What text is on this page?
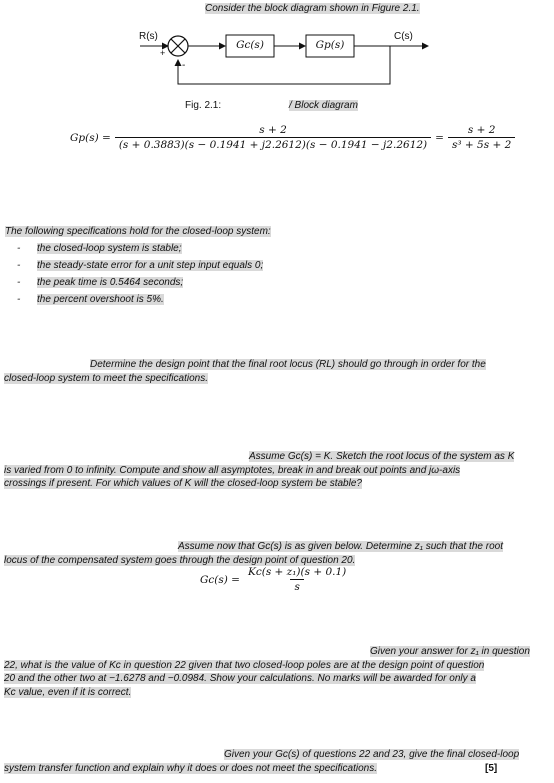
Consider the block diagram shown in Figure 2.1.
R(s)
+
-
Gc(s)	Gp(s)
C(s)
Fig. 2.1:	/ Block diagram
$Gp(s) = \frac{s + 2}{(s + 0.3883)(s - 0.1941 + j2.2612)(s - 0.1941 - j2.2612)} = \frac{s + 2}{\text{s³ + 5s + 2}}$
The following specifications hold for the closed-loop system:
- the closed-loop system is stable;
- the steady-state error for a unit step input equals 0;
- the peak time is 0.5464 seconds;
- the percent overshoot is 5%.
Determine the design point that the final root locus (RL) should go through in order for the
closed-loop system to meet the specifications.
Assume Gc(s) = K. Sketch the root locus of the system as K
is varied from 0 to infinity. Compute and show all asymptotes, break in and break out points and jω-axis
crossings if present. For which values of K will the closed-loop system be stable?
Assume now that Gc(s) is as given below. Determine z₁ such that the root
locus of the compensated system goes through the design point of question 20.
$Gc(s) = \frac{\text{Kc(s + z₁)(s + 0.1)}}{s}$
Given your answer for z₁ in question
22, what is the value of Kc in question 22 given that two closed-loop poles are at the design point of question
20 and the other two at −1.6278 and −0.0984. Show your calculations. No marks will be awarded for only a
Kc value, even if it is correct.
Given your Gc(s) of questions 22 and 23, give the final closed-loop
system transfer function and explain why it does or does not meet the specifications.	[5]
